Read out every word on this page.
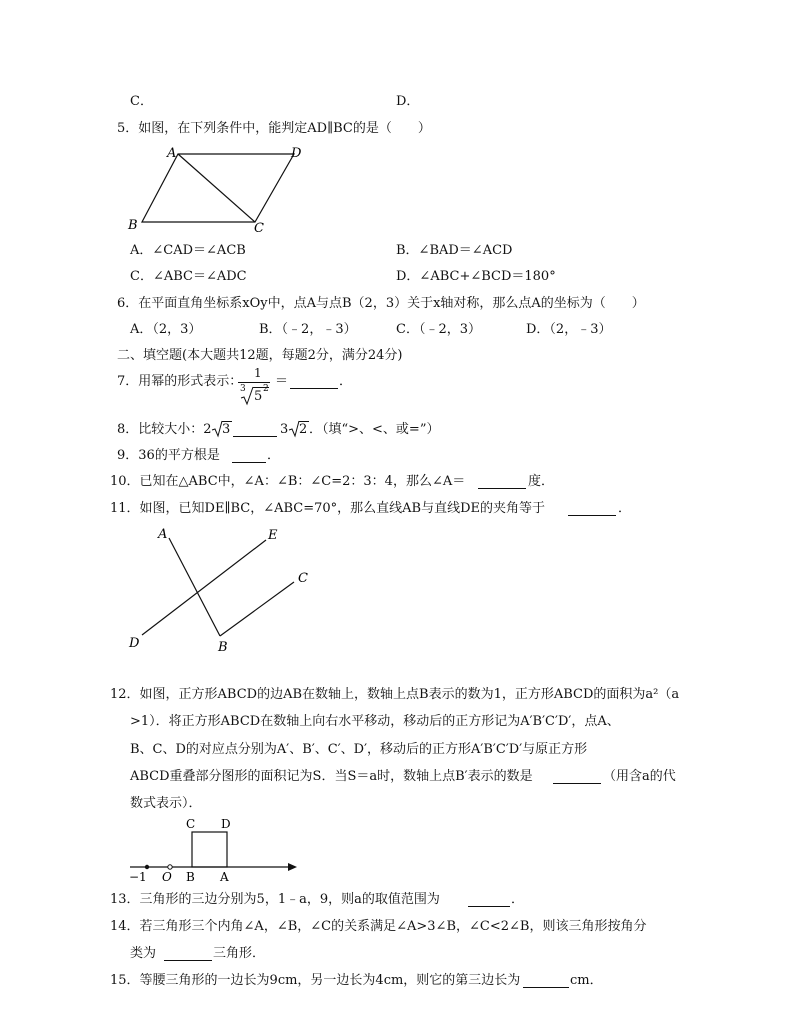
C．	D．
5．如图，在下列条件中，能判定AD∥BC的是（　　）
A	D
B	C
A．∠CAD＝∠ACB	B．∠BAD＝∠ACD
C．∠ABC＝∠ADC	D．∠ABC+∠BCD＝180°
6．在平面直角坐标系xOy中，点A与点B（2，3）关于x轴对称，那么点A的坐标为（　　）
A．（2，3）	B．（﹣2，﹣3）	C．（﹣2，3）	D．（2，﹣3）
二、填空题(本大题共12题，每题2分，满分24分)
7．用幂的形式表示：
1
3 5 2 ＝	．
8．比较大小：2 3	3 2 ．（填“>、<、或=”）
9．36的平方根是	．
10．已知在△ABC中，∠A：∠B：∠C=2：3：4，那么∠A＝	度．
11．如图，已知DE∥BC，∠ABC=70°，那么直线AB与直线DE的夹角等于	．
A	E
C
D	B
12．如图，正方形ABCD的边AB在数轴上，数轴上点B表示的数为1，正方形ABCD的面积为a²（a
>1）．将正方形ABCD在数轴上向右水平移动，移动后的正方形记为A′B′C′D′，点A、
B、C、D的对应点分别为A′、B′、C′、D′，移动后的正方形A′B′C′D′与原正方形
ABCD重叠部分图形的面积记为S．当S＝a时，数轴上点B′表示的数是	（用含a的代
数式表示）．
C D
−1 O B A
13．三角形的三边分别为5，1﹣a，9，则a的取值范围为	．
14．若三角形三个内角∠A，∠B，∠C的关系满足∠A>3∠B，∠C<2∠B，则该三角形按角分
类为	三角形．
15．等腰三角形的一边长为9cm，另一边长为4cm，则它的第三边长为	cm．
